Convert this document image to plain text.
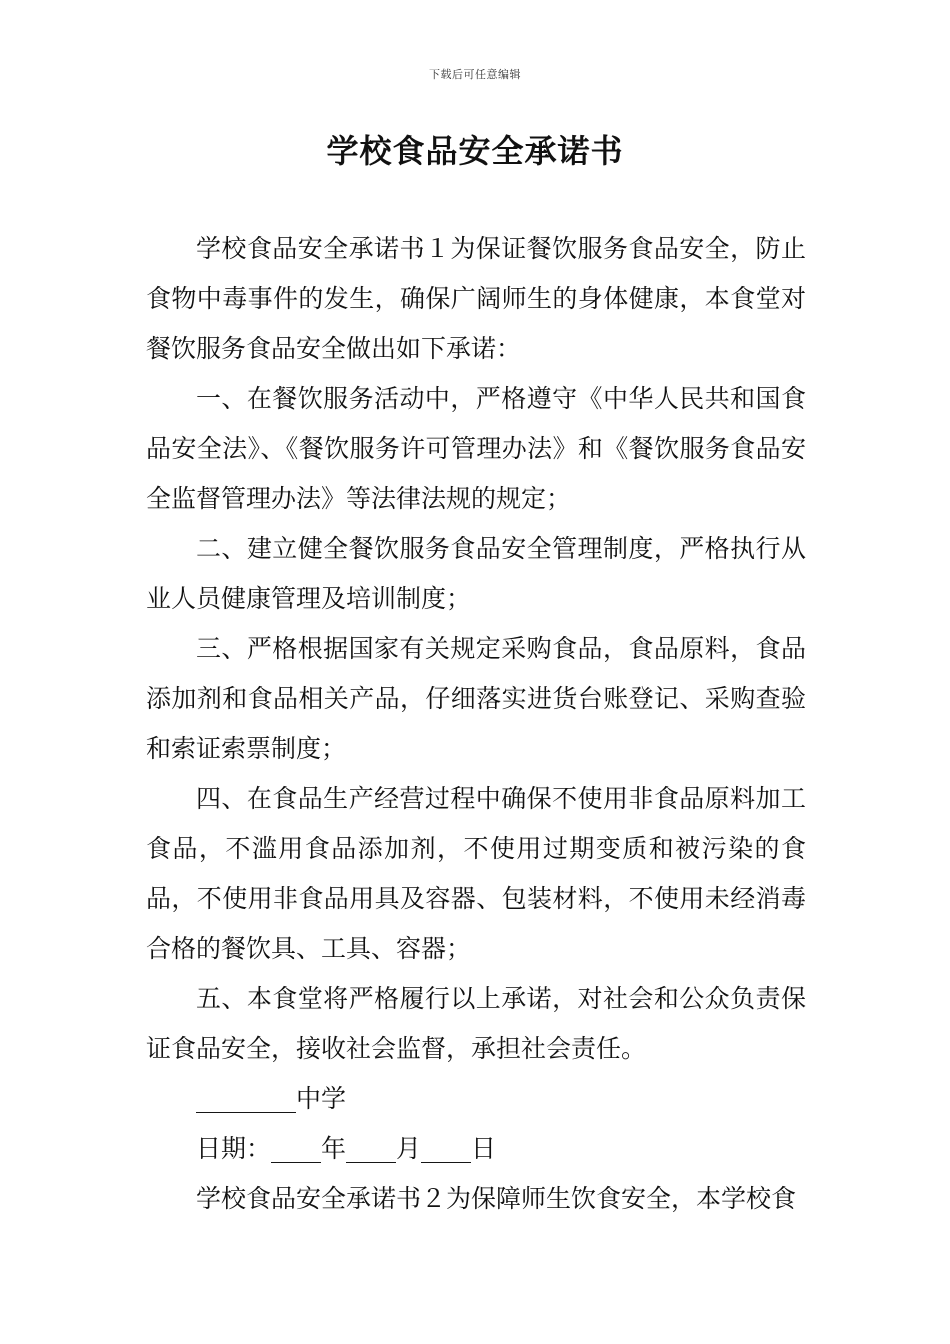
下载后可任意编辑
学校食品安全承诺书

学校食品安全承诺书１为保证餐饮服务食品安全，防止食物中毒事件的发生，确保广阔师生的身体健康，本食堂对餐饮服务食品安全做出如下承诺：

一、在餐饮服务活动中，严格遵守《中华人民共和国食品安全法》、《餐饮服务许可管理办法》和《餐饮服务食品安全监督管理办法》等法律法规的规定；

二、建立健全餐饮服务食品安全管理制度，严格执行从业人员健康管理及培训制度；

三、严格根据国家有关规定采购食品，食品原料，食品添加剂和食品相关产品，仔细落实进货台账登记、采购查验和索证索票制度；

四、在食品生产经营过程中确保不使用非食品原料加工食品，不滥用食品添加剂，不使用过期变质和被污染的食品，不使用非食品用具及容器、包装材料，不使用未经消毒合格的餐饮具、工具、容器；

五、本食堂将严格履行以上承诺，对社会和公众负责保证食品安全，接收社会监督，承担社会责任。

________中学

日期：____年____月____日

学校食品安全承诺书２为保障师生饮食安全，本学校食
